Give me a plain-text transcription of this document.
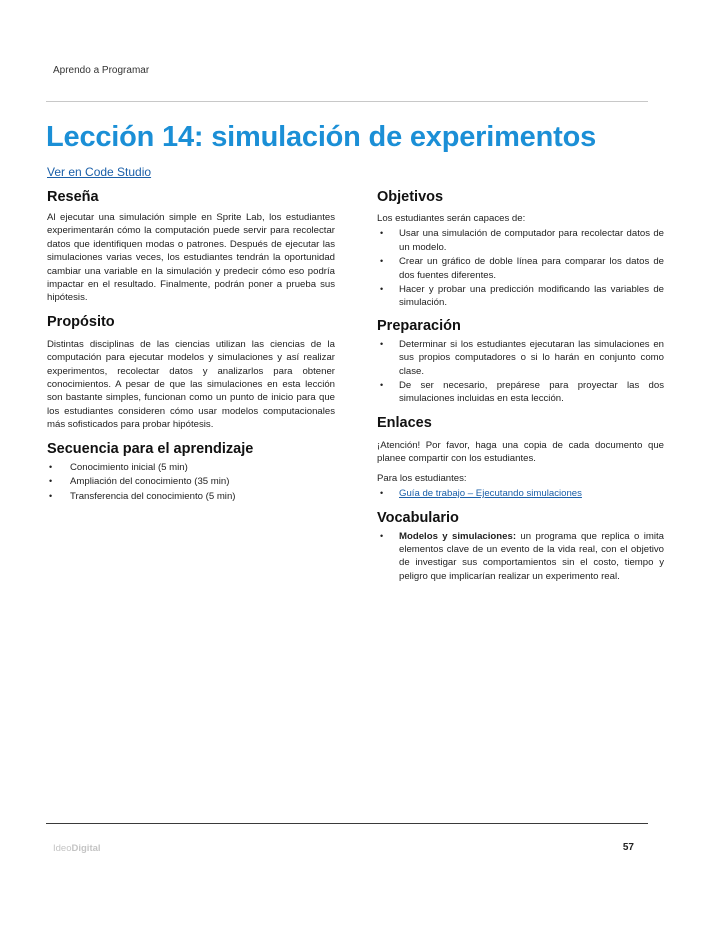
Aprendo a Programar
Lección 14: simulación de experimentos
Ver en Code Studio
Reseña

Al ejecutar una simulación simple en Sprite Lab, los estudiantes experimentarán cómo la computación puede servir para recolectar datos que identifiquen modas o patrones. Después de ejecutar las simulaciones varias veces, los estudiantes tendrán la oportunidad cambiar una variable en la simulación y predecir cómo eso podría impactar en el resultado. Finalmente, podrán poner a prueba sus hipótesis.

Propósito

Distintas disciplinas de las ciencias utilizan las ciencias de la computación para ejecutar modelos y simulaciones y así realizar experimentos, recolectar datos y analizarlos para obtener conocimientos. A pesar de que las simulaciones en esta lección son bastante simples, funcionan como un punto de inicio para que los estudiantes consideren cómo usar modelos computacionales más sofisticados para probar hipótesis.

Secuencia para el aprendizaje
• Conocimiento inicial (5 min)
• Ampliación del conocimiento (35 min)
• Transferencia del conocimiento (5 min)
Objetivos

Los estudiantes serán capaces de:

• Usar una simulación de computador para recolectar datos de un modelo.
• Crear un gráfico de doble línea para comparar los datos de dos fuentes diferentes.
• Hacer y probar una predicción modificando las variables de simulación.
Preparación
• Determinar si los estudiantes ejecutaran las simulaciones en sus propios computadores o si lo harán en conjunto como clase.
• De ser necesario, prepárese para proyectar las dos simulaciones incluidas en esta lección.
Enlaces

¡Atención! Por favor, haga una copia de cada documento que planee compartir con los estudiantes.

Para los estudiantes:

• Guía de trabajo – Ejecutando simulaciones
Vocabulario
• Modelos y simulaciones: un programa que replica o imita elementos clave de un evento de la vida real, con el objetivo de investigar sus comportamientos sin el costo, tiempo y peligro que implicarían realizar un experimento real.
IdeoDigital	57
